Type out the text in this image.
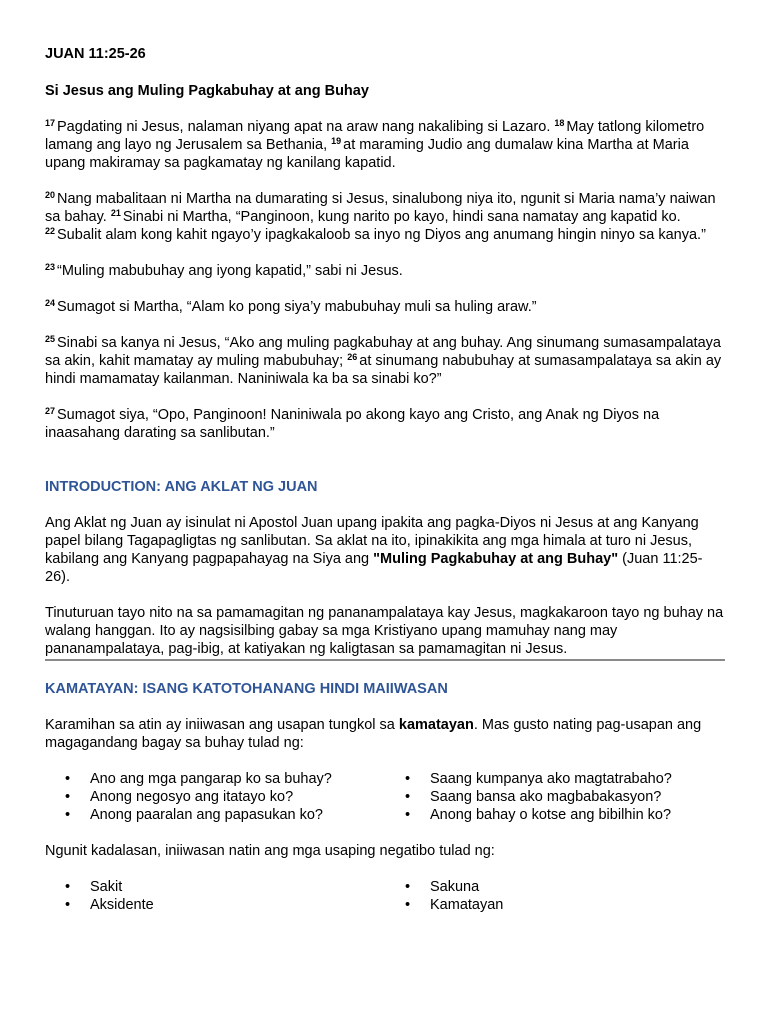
JUAN 11:25-26

Si Jesus ang Muling Pagkabuhay at ang Buhay

$^{17}$ Pagdating ni Jesus, nalaman niyang apat na araw nang nakalibing si Lazaro. $^{18}$ May tatlong kilometro lamang ang layo ng Jerusalem sa Bethania, $^{19}$ at maraming Judio ang dumalaw kina Martha at Maria upang makiramay sa pagkamatay ng kanilang kapatid.

$^{20}$ Nang mabalitaan ni Martha na dumarating si Jesus, sinalubong niya ito, ngunit si Maria nama’y naiwan sa bahay. $^{21}$ Sinabi ni Martha, “Panginoon, kung narito po kayo, hindi sana namatay ang kapatid ko. $^{22}$ Subalit alam kong kahit ngayo’y ipagkakaloob sa inyo ng Diyos ang anumang hingin ninyo sa kanya.”

$^{23}$ “Muling mabubuhay ang iyong kapatid,” sabi ni Jesus.

$^{24}$ Sumagot si Martha, “Alam ko pong siya’y mabubuhay muli sa huling araw.”

$^{25}$ Sinabi sa kanya ni Jesus, “Ako ang muling pagkabuhay at ang buhay. Ang sinumang sumasampalataya sa akin, kahit mamatay ay muling mabubuhay; $^{26}$ at sinumang nabubuhay at sumasampalataya sa akin ay hindi mamamatay kailanman. Naniniwala ka ba sa sinabi ko?”

$^{27}$ Sumagot siya, “Opo, Panginoon! Naniniwala po akong kayo ang Cristo, ang Anak ng Diyos na inaasahang darating sa sanlibutan.”

INTRODUCTION: ANG AKLAT NG JUAN

Ang Aklat ng Juan ay isinulat ni Apostol Juan upang ipakita ang pagka-Diyos ni Jesus at ang Kanyang papel bilang Tagapagligtas ng sanlibutan. Sa aklat na ito, ipinakikita ang mga himala at turo ni Jesus, kabilang ang Kanyang pagpapahayag na Siya ang "Muling Pagkabuhay at ang Buhay" (Juan 11:25-26).

Tinuturuan tayo nito na sa pamamagitan ng pananampalataya kay Jesus, magkakaroon tayo ng buhay na walang hanggan. Ito ay nagsisilbing gabay sa mga Kristiyano upang mamuhay nang may pananampalataya, pag-ibig, at katiyakan ng kaligtasan sa pamamagitan ni Jesus.

KAMATAYAN: ISANG KATOTOHANANG HINDI MAIIWASAN

Karamihan sa atin ay iniiwasan ang usapan tungkol sa kamatayan. Mas gusto nating pag-usapan ang magagandang bagay sa buhay tulad ng:

• Ano ang mga pangarap ko sa buhay?
• Anong negosyo ang itatayo ko?
• Anong paaralan ang papasukan ko?
• Saang kumpanya ako magtatrabaho?
• Saang bansa ako magbabakasyon?
• Anong bahay o kotse ang bibilhin ko?

Ngunit kadalasan, iniiwasan natin ang mga usaping negatibo tulad ng:

• Sakit
• Aksidente
• Sakuna
• Kamatayan
